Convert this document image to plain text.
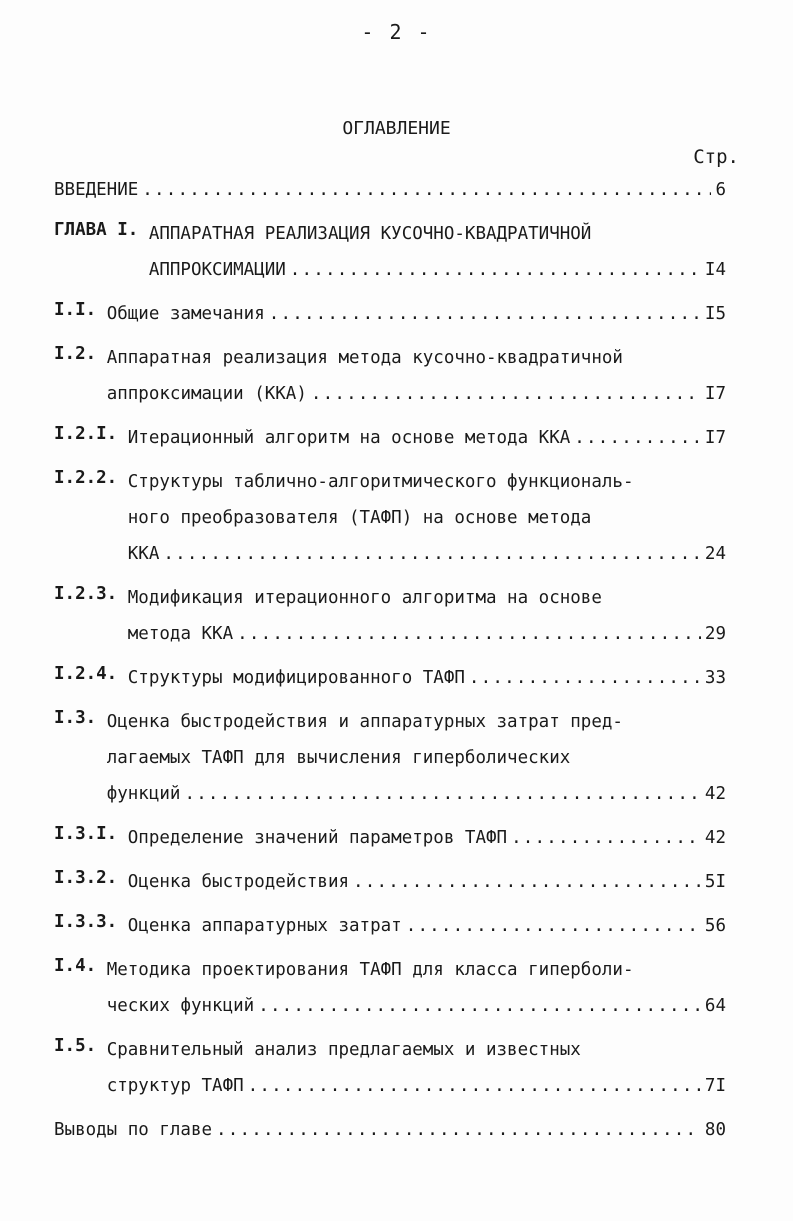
- 2 -
ОГЛАВЛЕНИЕ
Стр.
ВВЕДЕНИЕ .....	6
ГЛАВА I. АППАРАТНАЯ РЕАЛИЗАЦИЯ КУСОЧНО-КВАДРАТИЧНОЙ
АППРОКСИМАЦИИ .....	I4
I.I. Общие замечания .....	I5
I.2. Аппаратная реализация метода кусочно-квадратичной
аппроксимации (ККА) .....	I7
I.2.I. Итерационный алгоритм на основе метода ККА .....	I7
I.2.2. Структуры таблично-алгоритмического функциональ-
ного преобразователя (ТАФП) на основе метода
ККА .....	24
I.2.3. Модификация итерационного алгоритма на основе
метода ККА .....	29
I.2.4. Структуры модифицированного ТАФП .....	33
I.3. Оценка быстродействия и аппаратурных затрат пред-
лагаемых ТАФП для вычисления гиперболических
функций .....	42
I.3.I. Определение значений параметров ТАФП .....	42
I.3.2. Оценка быстродействия .....	5I
I.3.3. Оценка аппаратурных затрат .....	56
I.4. Методика проектирования ТАФП для класса гиперболи-
ческих функций .....	64
I.5. Сравнительный анализ предлагаемых и известных
структур ТАФП .....	7I
Выводы по главе .....	80
